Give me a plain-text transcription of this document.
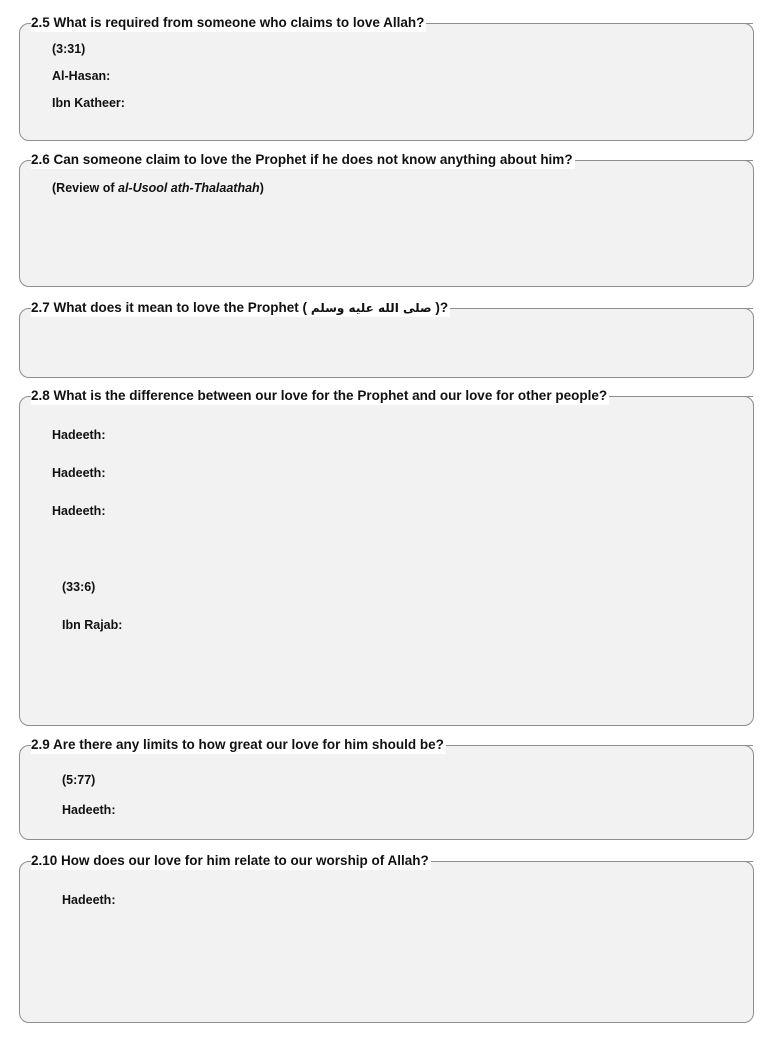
2.5 What is required from someone who claims to love Allah?
(3:31)
Al-Hasan:
Ibn Katheer:
2.6 Can someone claim to love the Prophet if he does not know anything about him?
(Review of al-Usool ath-Thalaathah)
2.7 What does it mean to love the Prophet ( صلى الله عليه وسلم )?
2.8 What is the difference between our love for the Prophet and our love for other people?
Hadeeth:
Hadeeth:
Hadeeth:
(33:6)
Ibn Rajab:
2.9 Are there any limits to how great our love for him should be?
(5:77)
Hadeeth:
2.10 How does our love for him relate to our worship of Allah?
Hadeeth:
